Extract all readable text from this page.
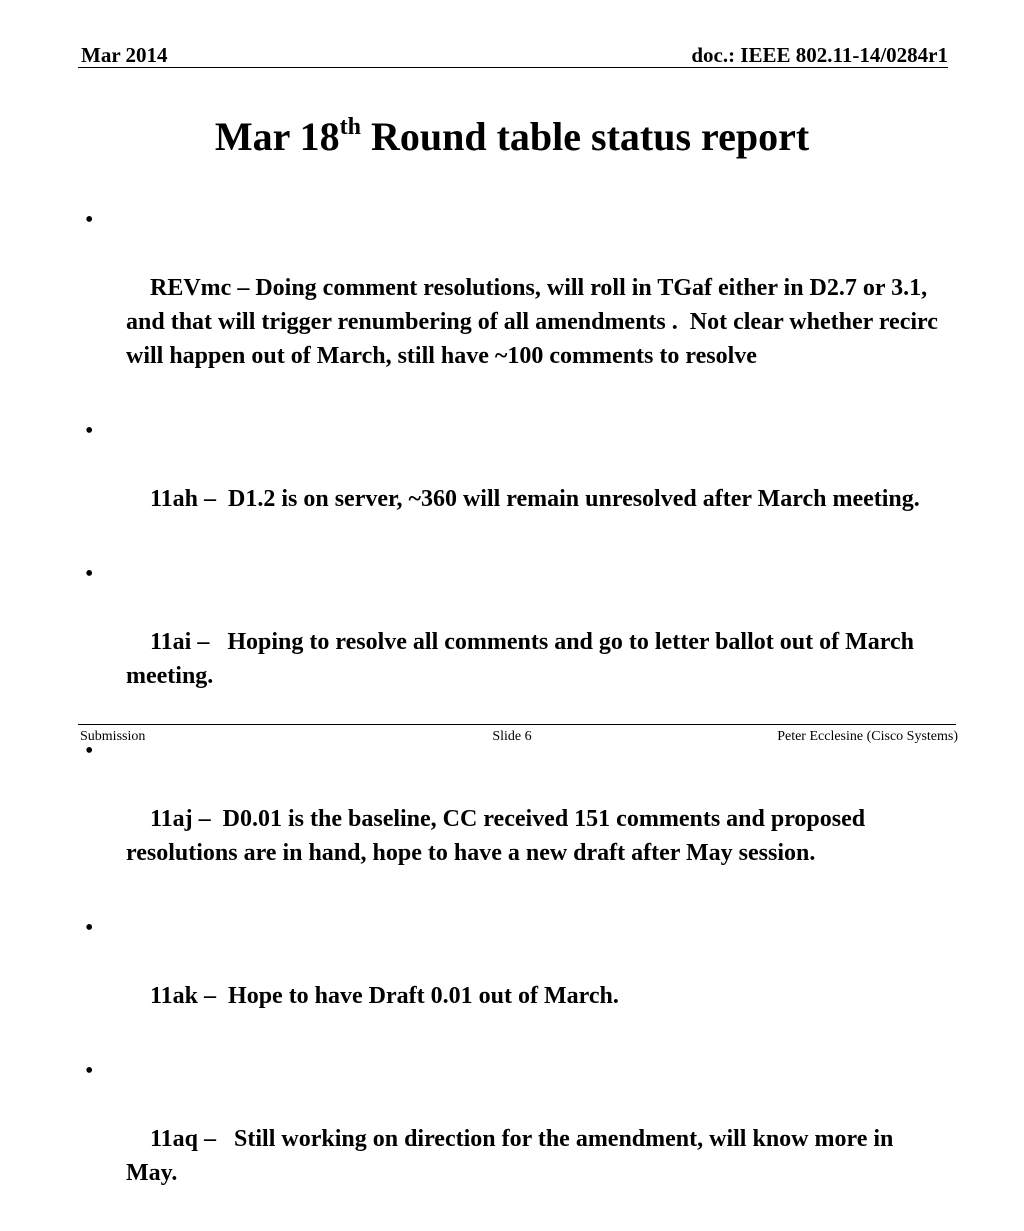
Mar 2014	doc.: IEEE 802.11-14/0284r1
Mar 18th Round table status report

•

REVmc – Doing comment resolutions, will roll in TGaf either in D2.7 or 3.1, and that will trigger renumbering of all amendments .  Not clear whether recirc will happen out of March, still have ~100 comments to resolve

•

11ah –  D1.2 is on server, ~360 will remain unresolved after March meeting.

•

11ai –   Hoping to resolve all comments and go to letter ballot out of March meeting.

•

11aj –  D0.01 is the baseline, CC received 151 comments and proposed resolutions are in hand, hope to have a new draft after May session.

•

11ak –  Hope to have Draft 0.01 out of March.

•

11aq –   Still working on direction for the amendment, will know more in May.

Submission	Slide 6	Peter Ecclesine (Cisco Systems)
